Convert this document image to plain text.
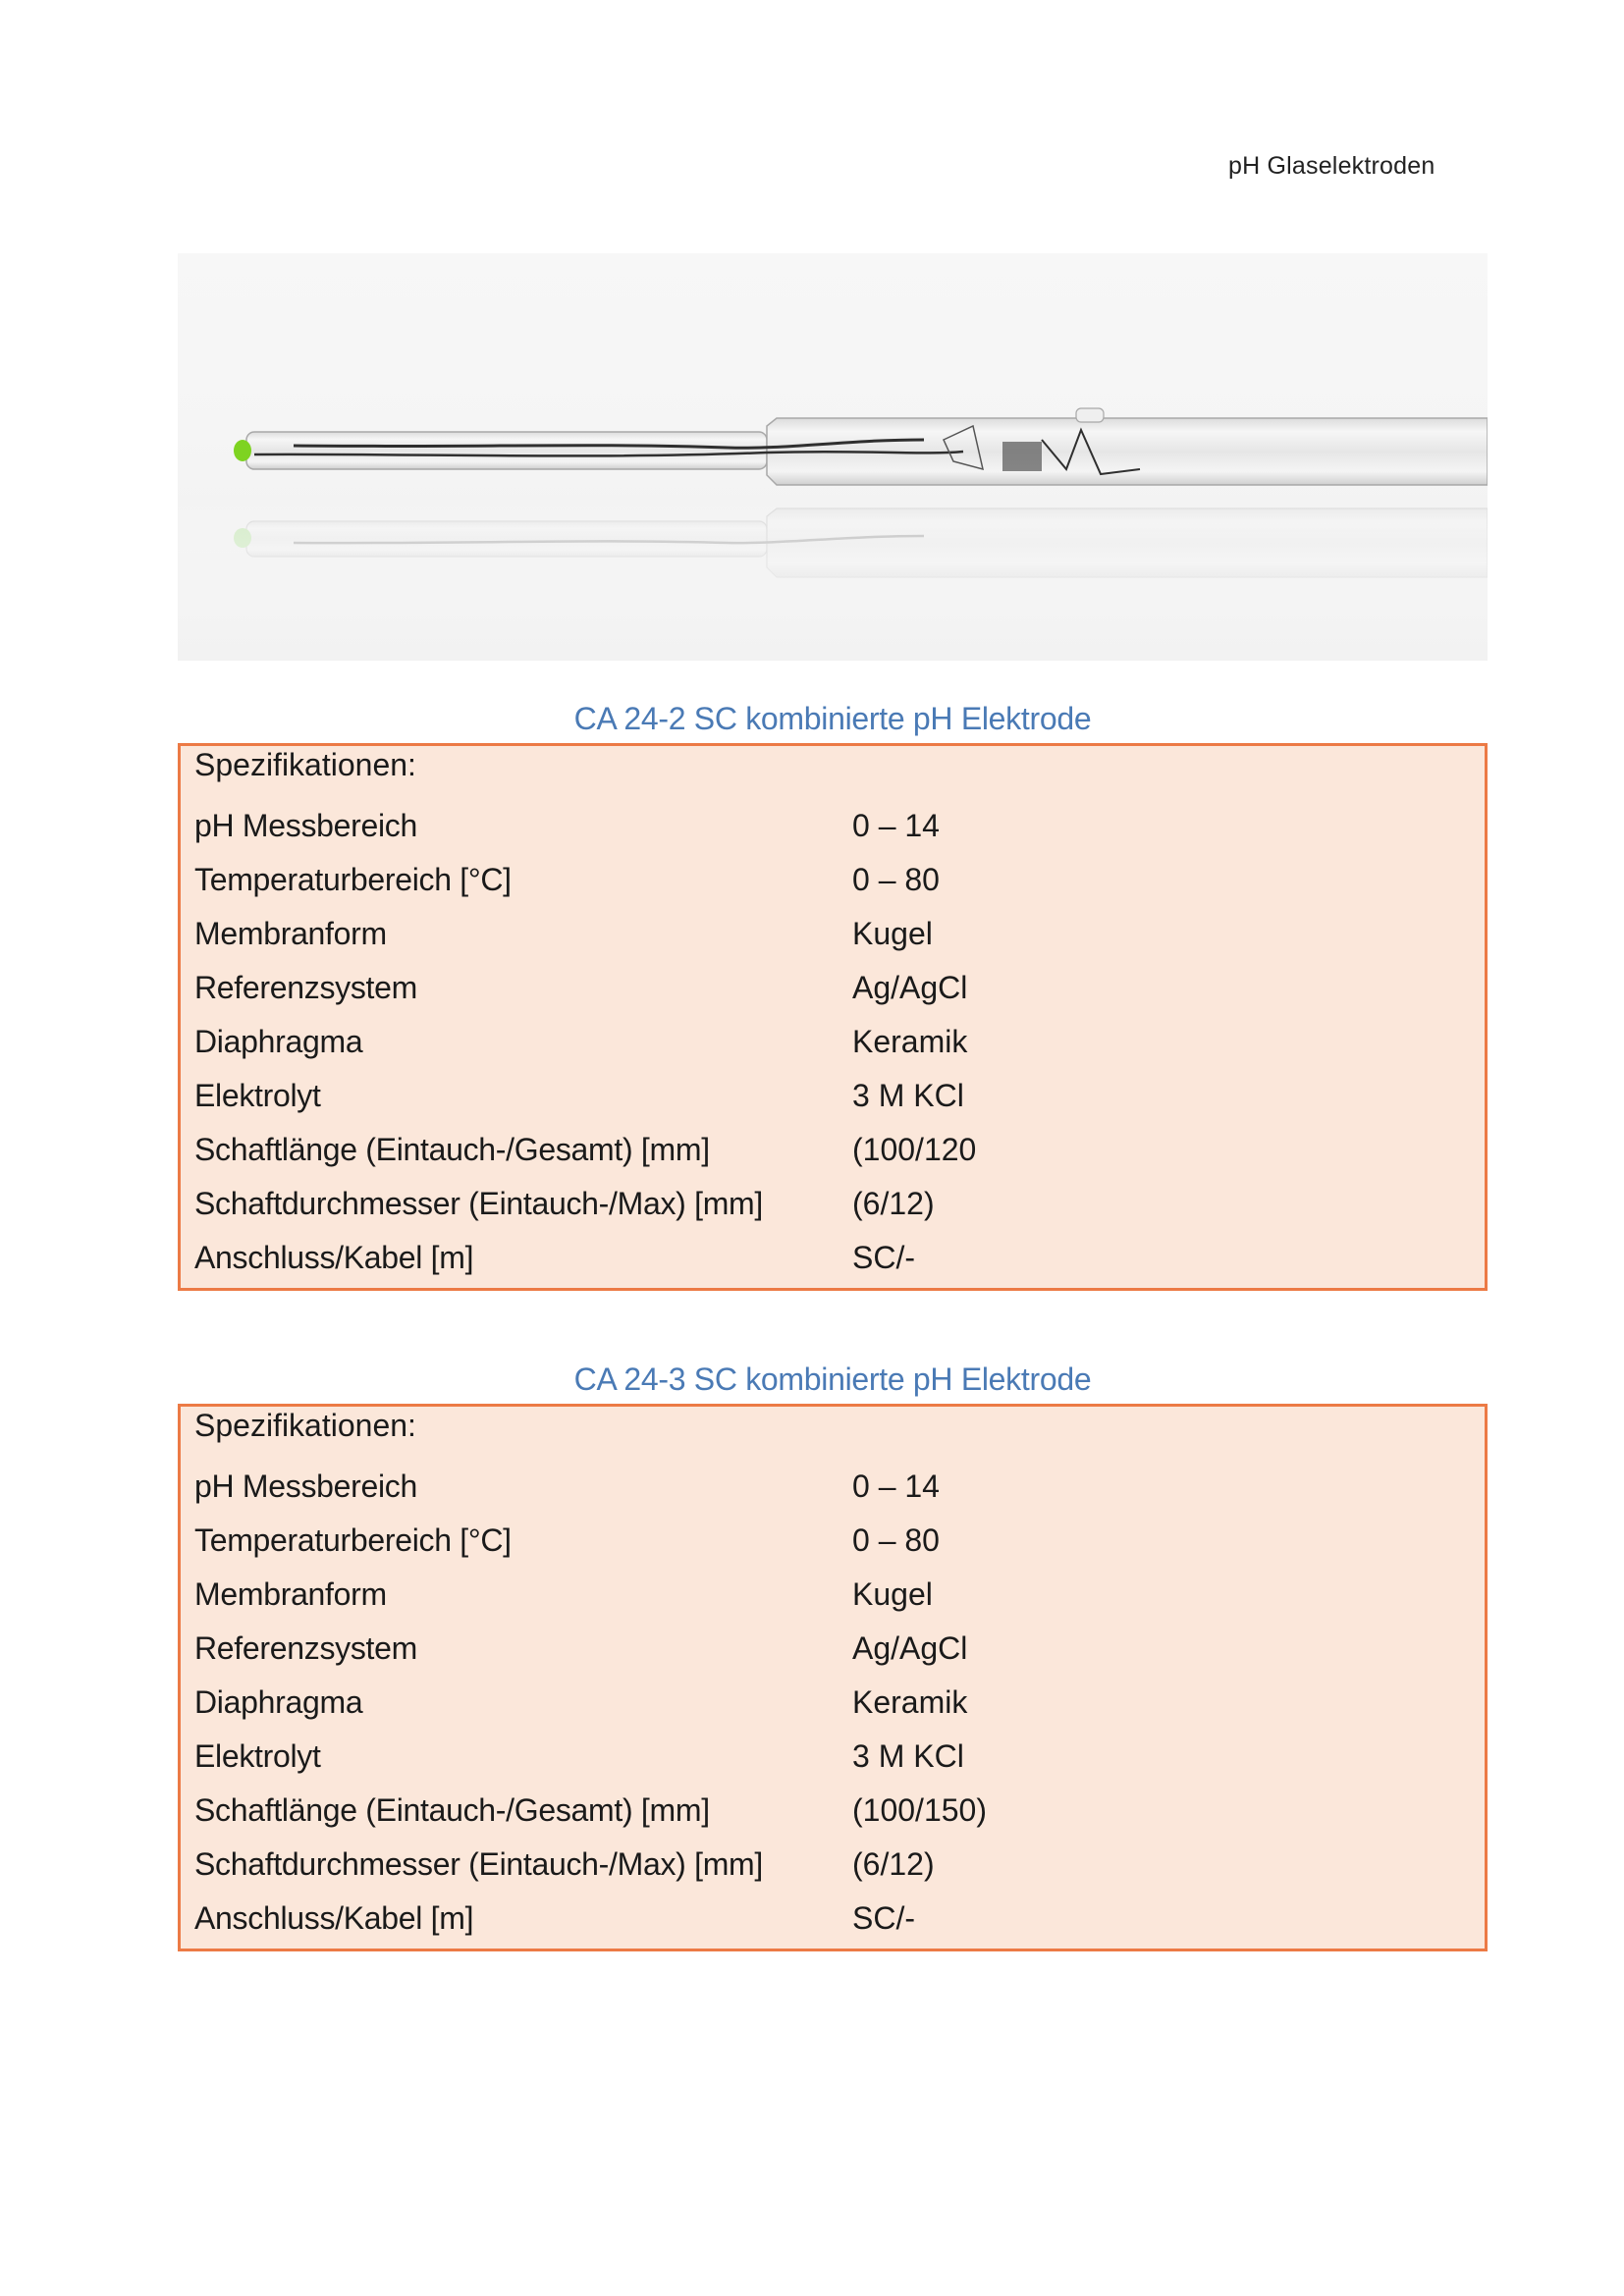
pH Glaselektroden
CA 24-2 SC kombinierte pH Elektrode
Spezifikationen:
pH Messbereich	0 – 14
Temperaturbereich [°C]	0 – 80
Membranform	Kugel
Referenzsystem	Ag/AgCl
Diaphragma	Keramik
Elektrolyt	3 M KCl
Schaftlänge (Eintauch-/Gesamt) [mm]	(100/120
Schaftdurchmesser (Eintauch-/Max) [mm]	(6/12)
Anschluss/Kabel [m]	SC/-
CA 24-3 SC kombinierte pH Elektrode
Spezifikationen:
pH Messbereich	0 – 14
Temperaturbereich [°C]	0 – 80
Membranform	Kugel
Referenzsystem	Ag/AgCl
Diaphragma	Keramik
Elektrolyt	3 M KCl
Schaftlänge (Eintauch-/Gesamt) [mm]	(100/150)
Schaftdurchmesser (Eintauch-/Max) [mm]	(6/12)
Anschluss/Kabel [m]	SC/-
